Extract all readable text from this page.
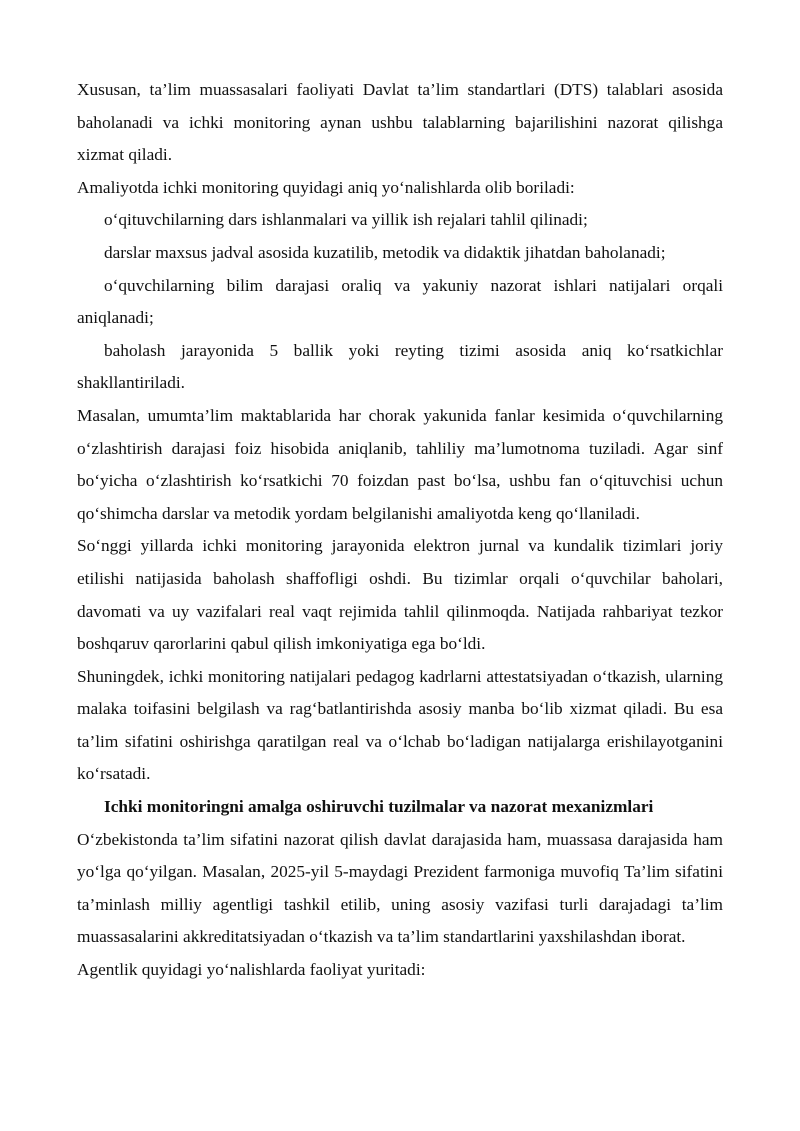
Xususan, ta’lim muassasalari faoliyati Davlat ta’lim standartlari (DTS) talablari asosida baholanadi va ichki monitoring aynan ushbu talablarning bajarilishini nazorat qilishga xizmat qiladi.

Amaliyotda ichki monitoring quyidagi aniq yo‘nalishlarda olib boriladi:

o‘qituvchilarning dars ishlanmalari va yillik ish rejalari tahlil qilinadi;

darslar maxsus jadval asosida kuzatilib, metodik va didaktik jihatdan baholanadi;

o‘quvchilarning bilim darajasi oraliq va yakuniy nazorat ishlari natijalari orqali aniqlanadi;

baholash jarayonida 5 ballik yoki reyting tizimi asosida aniq ko‘rsatkichlar shakllantiriladi.

Masalan, umumta’lim maktablarida har chorak yakunida fanlar kesimida o‘quvchilarning o‘zlashtirish darajasi foiz hisobida aniqlanib, tahliliy ma’lumotnoma tuziladi. Agar sinf bo‘yicha o‘zlashtirish ko‘rsatkichi 70 foizdan past bo‘lsa, ushbu fan o‘qituvchisi uchun qo‘shimcha darslar va metodik yordam belgilanishi amaliyotda keng qo‘llaniladi.

So‘nggi yillarda ichki monitoring jarayonida elektron jurnal va kundalik tizimlari joriy etilishi natijasida baholash shaffofligi oshdi. Bu tizimlar orqali o‘quvchilar baholari, davomati va uy vazifalari real vaqt rejimida tahlil qilinmoqda. Natijada rahbariyat tezkor boshqaruv qarorlarini qabul qilish imkoniyatiga ega bo‘ldi.

Shuningdek, ichki monitoring natijalari pedagog kadrlarni attestatsiyadan o‘tkazish, ularning malaka toifasini belgilash va rag‘batlantirishda asosiy manba bo‘lib xizmat qiladi. Bu esa ta’lim sifatini oshirishga qaratilgan real va o‘lchab bo‘ladigan natijalarga erishilayotganini ko‘rsatadi.

Ichki monitoringni amalga oshiruvchi tuzilmalar va nazorat mexanizmlari

O‘zbekistonda ta’lim sifatini nazorat qilish davlat darajasida ham, muassasa darajasida ham yo‘lga qo‘yilgan. Masalan, 2025-yil 5-maydagi Prezident farmoniga muvofiq Ta’lim sifatini ta’minlash milliy agentligi tashkil etilib, uning asosiy vazifasi turli darajadagi ta’lim muassasalarini akkreditatsiyadan o‘tkazish va ta’lim standartlarini yaxshilashdan iborat.

Agentlik quyidagi yo‘nalishlarda faoliyat yuritadi:
